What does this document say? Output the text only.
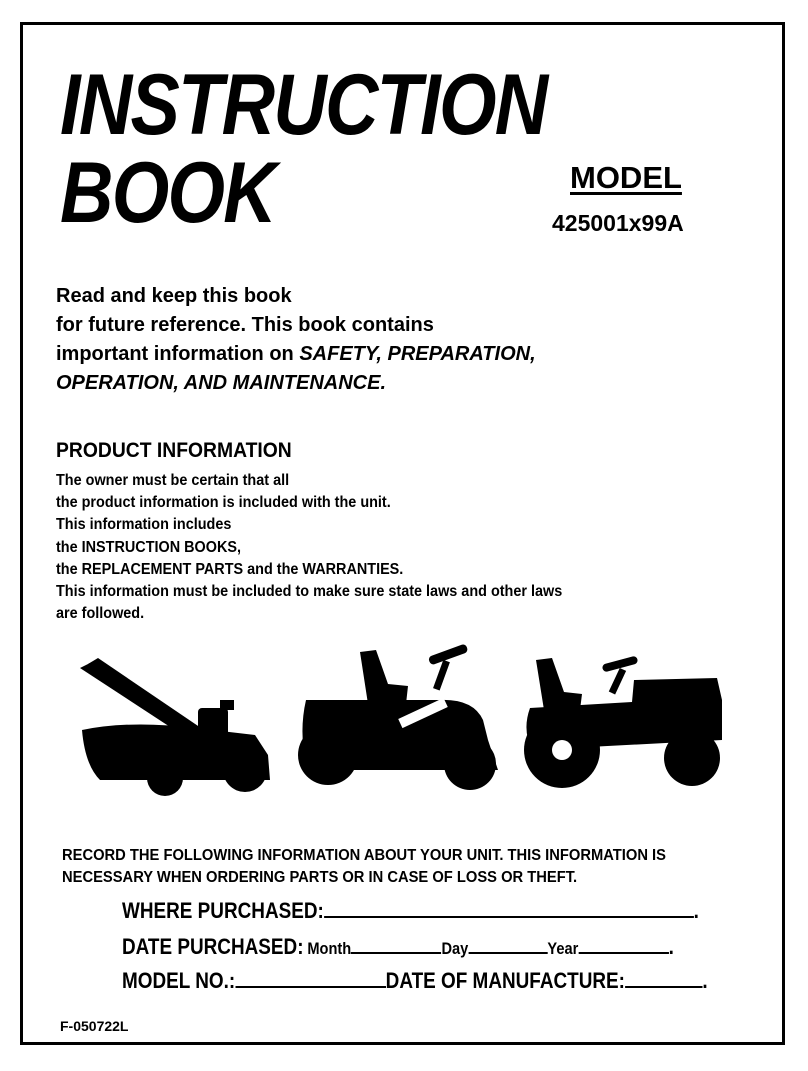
INSTRUCTION
BOOK	MODEL
425001x99A
Read and keep this book
for future reference. This book contains
important information on SAFETY, PREPARATION,
OPERATION, AND MAINTENANCE.
PRODUCT INFORMATION
The owner must be certain that all
the product information is included with the unit.
This information includes
the INSTRUCTION BOOKS,
the REPLACEMENT PARTS and the WARRANTIES.
This information must be included to make sure state laws and other laws
are followed.
RECORD THE FOLLOWING INFORMATION ABOUT YOUR UNIT. THIS INFORMATION IS
NECESSARY WHEN ORDERING PARTS OR IN CASE OF LOSS OR THEFT.
WHERE PURCHASED:	.
DATE PURCHASED: Month	Day	Year	.
MODEL NO.:	DATE OF MANUFACTURE:	.
F-050722L
